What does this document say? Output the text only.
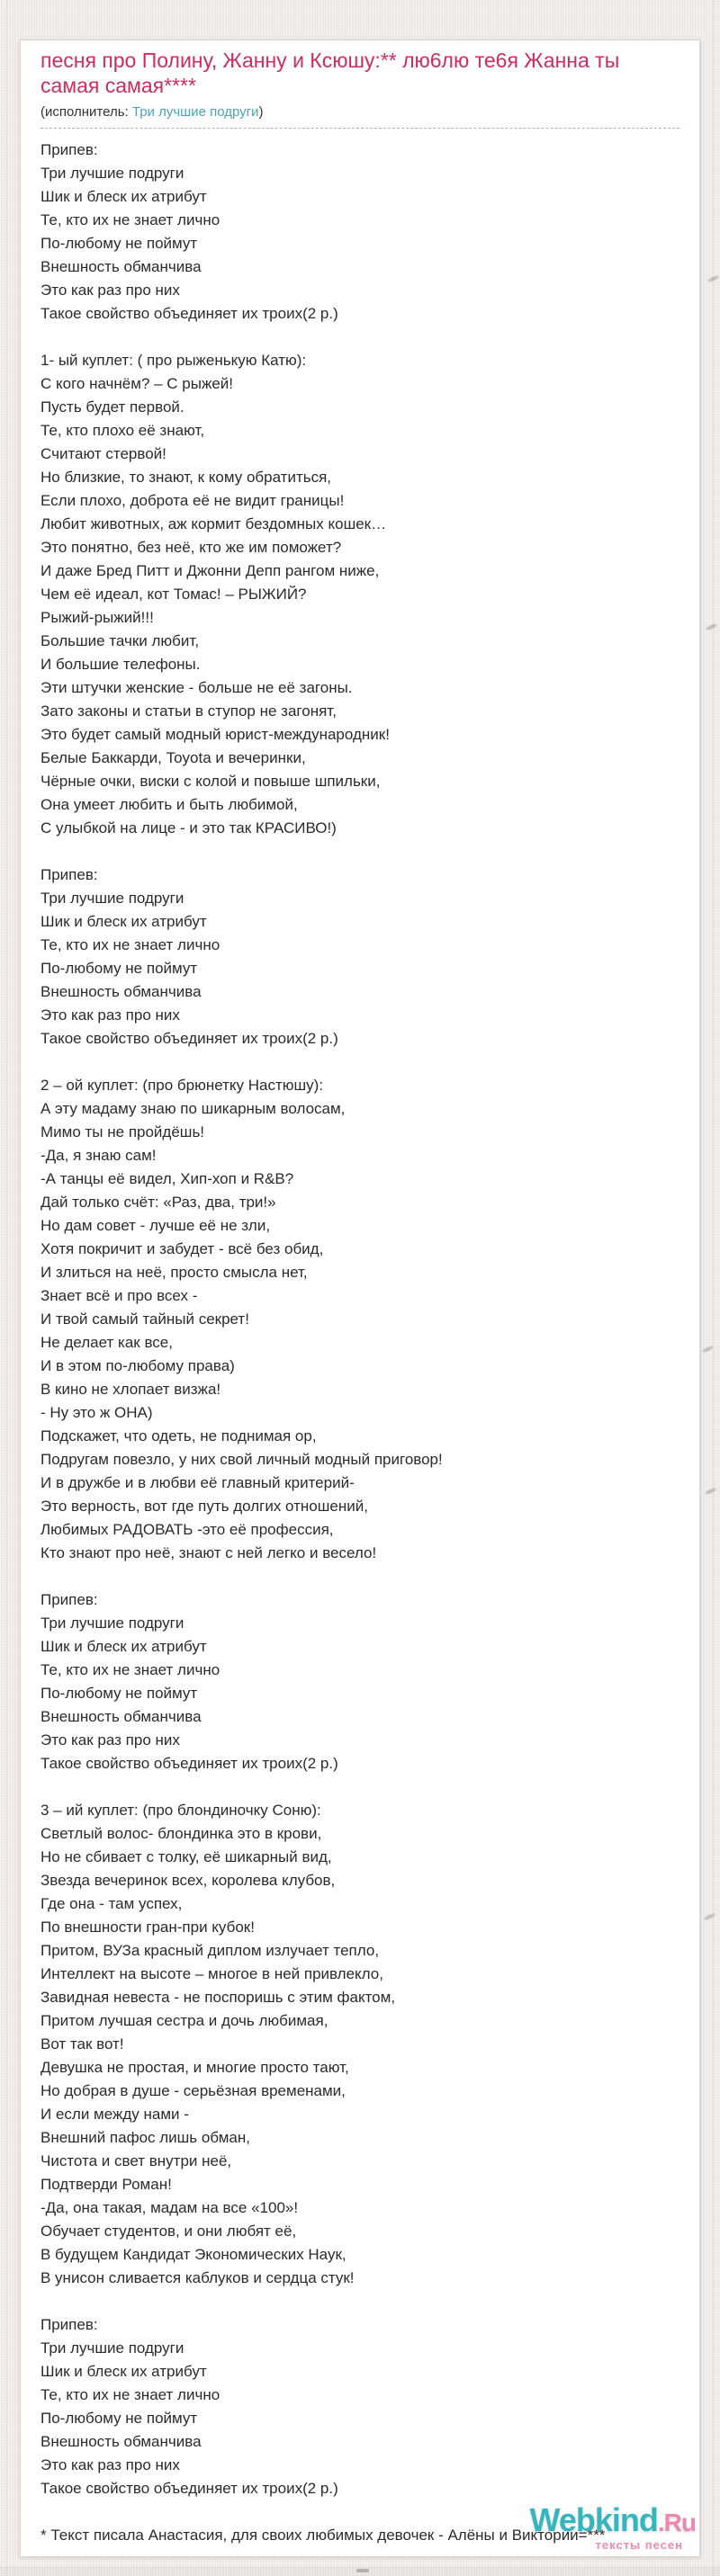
песня про Полину, Жанну и Ксюшу:** лю6лю те6я Жанна ты самая самая****
(исполнитель: Три лучшие подруги)
Припев:
Три лучшие подруги
Шик и блеск их атрибут
Те, кто их не знает лично
По-любому не поймут
Внешность обманчива
Это как раз про них
Такое свойство объединяет их троих(2 р.)
1- ый куплет: ( про рыженькую Катю):
С кого начнём? – С рыжей!
Пусть будет первой.
Те, кто плохо её знают,
Считают стервой!
Но близкие, то знают, к кому обратиться,
Если плохо, доброта её не видит границы!
Любит животных, аж кормит бездомных кошек…
Это понятно, без неё, кто же им поможет?
И даже Бред Питт и Джонни Депп рангом ниже,
Чем её идеал, кот Томас! – РЫЖИЙ?
Рыжий-рыжий!!!
Большие тачки любит,
И большие телефоны.
Эти штучки женские - больше не её загоны.
Зато законы и статьи в ступор не загонят,
Это будет самый модный юрист-международник!
Белые Баккарди, Toyota и вечеринки,
Чёрные очки, виски с колой и повыше шпильки,
Она умеет любить и быть любимой,
С улыбкой на лице - и это так КРАСИВО!)
Припев:
Три лучшие подруги
Шик и блеск их атрибут
Те, кто их не знает лично
По-любому не поймут
Внешность обманчива
Это как раз про них
Такое свойство объединяет их троих(2 р.)
2 – ой куплет: (про брюнетку Настюшу):
А эту мадаму знаю по шикарным волосам,
Мимо ты не пройдёшь!
-Да, я знаю сам!
-А танцы её видел, Хип-хоп и R&B?
Дай только счёт: «Раз, два, три!»
Но дам совет - лучше её не зли,
Хотя покричит и забудет - всё без обид,
И злиться на неё, просто смысла нет,
Знает всё и про всех -
И твой самый тайный секрет!
Не делает как все,
И в этом по-любому права)
В кино не хлопает визжа!
- Ну это ж ОНА)
Подскажет, что одеть, не поднимая ор,
Подругам повезло, у них свой личный модный приговор!
И в дружбе и в любви её главный критерий-
Это верность, вот где путь долгих отношений,
Любимых РАДОВАТЬ -это её профессия,
Кто знают про неё, знают с ней легко и весело!
Припев:
Три лучшие подруги
Шик и блеск их атрибут
Те, кто их не знает лично
По-любому не поймут
Внешность обманчива
Это как раз про них
Такое свойство объединяет их троих(2 р.)
3 – ий куплет: (про блондиночку Соню):
Светлый волос- блондинка это в крови,
Но не сбивает с толку, её шикарный вид,
Звезда вечеринок всех, королева клубов,
Где она - там успех,
По внешности гран-при кубок!
Притом, ВУЗа красный диплом излучает тепло,
Интеллект на высоте – многое в ней привлекло,
Завидная невеста - не поспоришь с этим фактом,
Притом лучшая сестра и дочь любимая,
Вот так вот!
Девушка не простая, и многие просто тают,
Но добрая в душе - серьёзная временами,
И если между нами -
Внешний пафос лишь обман,
Чистота и свет внутри неё,
Подтверди Роман!
-Да, она такая, мадам на все «100»!
Обучает студентов, и они любят её,
В будущем Кандидат Экономических Наук,
В унисон сливается каблуков и сердца стук!
Припев:
Три лучшие подруги
Шик и блеск их атрибут
Те, кто их не знает лично
По-любому не поймут
Внешность обманчива
Это как раз про них
Такое свойство объединяет их троих(2 р.)
* Текст писала Анастасия, для своих любимых девочек - Алёны и Виктории=***
Webkind.Ru
тексты песен
